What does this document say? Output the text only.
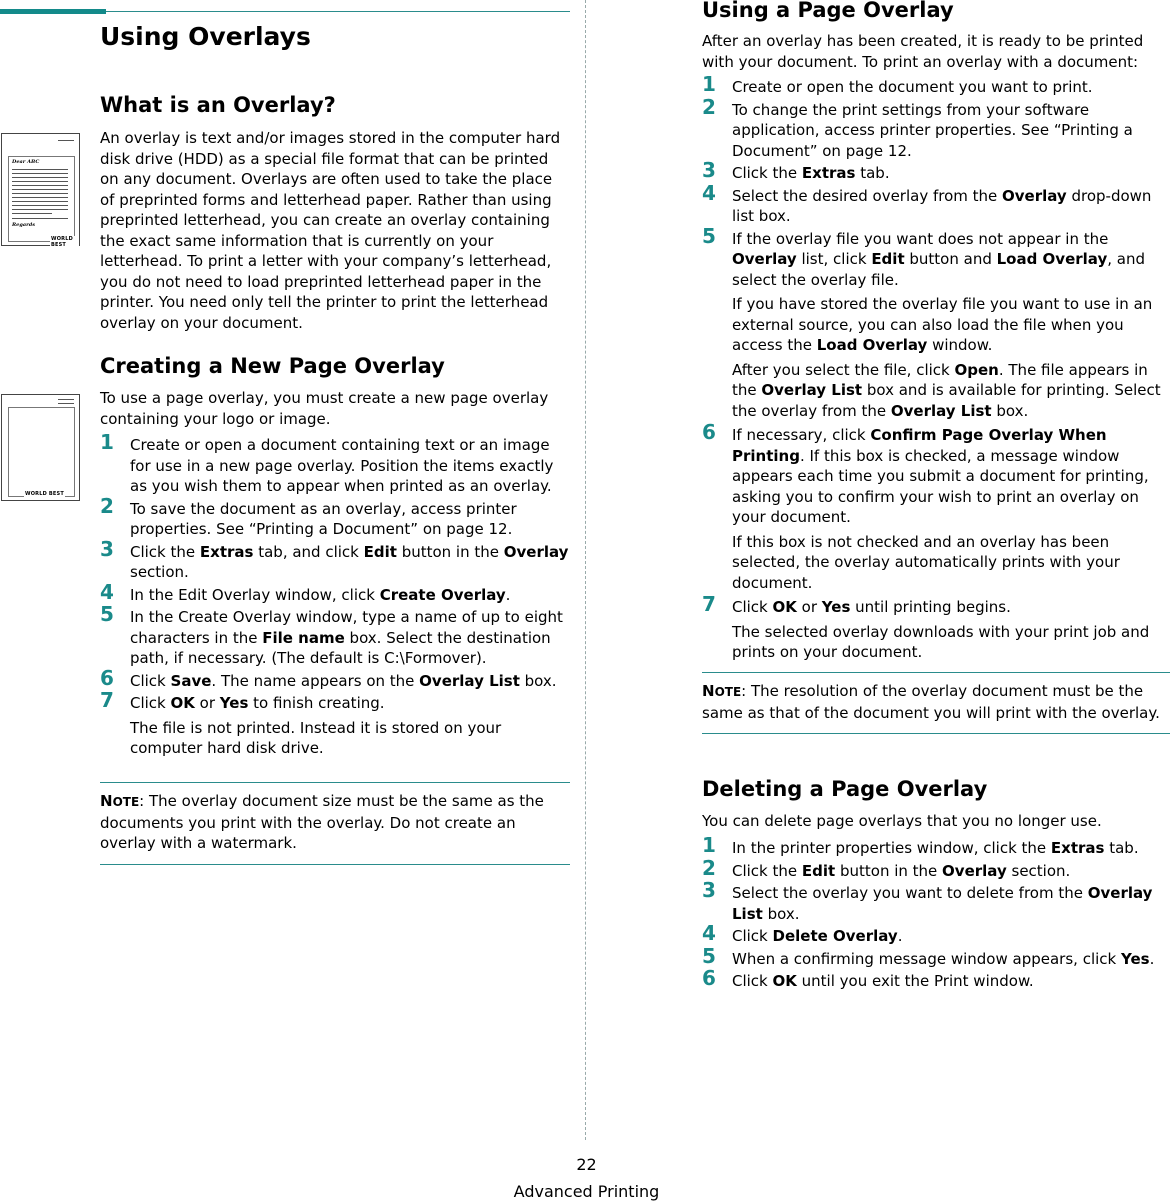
Dear ABC
Regards
WORLD BEST
WORLD BEST
Using Overlays
What is an Overlay?

An overlay is text and/or images stored in the computer hard disk drive (HDD) as a special file format that can be printed on any document. Overlays are often used to take the place of preprinted forms and letterhead paper. Rather than using preprinted letterhead, you can create an overlay containing the exact same information that is currently on your letterhead. To print a letter with your company’s letterhead, you do not need to load preprinted letterhead paper in the printer. You need only tell the printer to print the letterhead overlay on your document.

Creating a New Page Overlay

To use a page overlay, you must create a new page overlay containing your logo or image.

1 Create or open a document containing text or an image for use in a new page overlay. Position the items exactly as you wish them to appear when printed as an overlay.
2 To save the document as an overlay, access printer properties. See “Printing a Document” on page 12.
3 Click the Extras tab, and click Edit button in the Overlay section.
4 In the Edit Overlay window, click Create Overlay.
5 In the Create Overlay window, type a name of up to eight characters in the File name box. Select the destination path, if necessary. (The default is C:\Formover).
6 Click Save. The name appears on the Overlay List box.
7 Click OK or Yes to finish creating.
The file is not printed. Instead it is stored on your computer hard disk drive.
NOTE: The overlay document size must be the same as the documents you print with the overlay. Do not create an overlay with a watermark.
Using a Page Overlay

After an overlay has been created, it is ready to be printed with your document. To print an overlay with a document:

1 Create or open the document you want to print.
2 To change the print settings from your software application, access printer properties. See “Printing a Document” on page 12.
3 Click the Extras tab.
4 Select the desired overlay from the Overlay drop-down list box.
5 If the overlay file you want does not appear in the Overlay list, click Edit button and Load Overlay, and select the overlay file.
If you have stored the overlay file you want to use in an external source, you can also load the file when you access the Load Overlay window.
After you select the file, click Open. The file appears in the Overlay List box and is available for printing. Select the overlay from the Overlay List box.
6 If necessary, click Confirm Page Overlay When Printing. If this box is checked, a message window appears each time you submit a document for printing, asking you to confirm your wish to print an overlay on your document.
If this box is not checked and an overlay has been selected, the overlay automatically prints with your document.
7 Click OK or Yes until printing begins.
The selected overlay downloads with your print job and prints on your document.
NOTE: The resolution of the overlay document must be the same as that of the document you will print with the overlay.
Deleting a Page Overlay

You can delete page overlays that you no longer use.

1 In the printer properties window, click the Extras tab.
2 Click the Edit button in the Overlay section.
3 Select the overlay you want to delete from the Overlay List box.
4 Click Delete Overlay.
5 When a confirming message window appears, click Yes.
6 Click OK until you exit the Print window.
22
Advanced Printing
